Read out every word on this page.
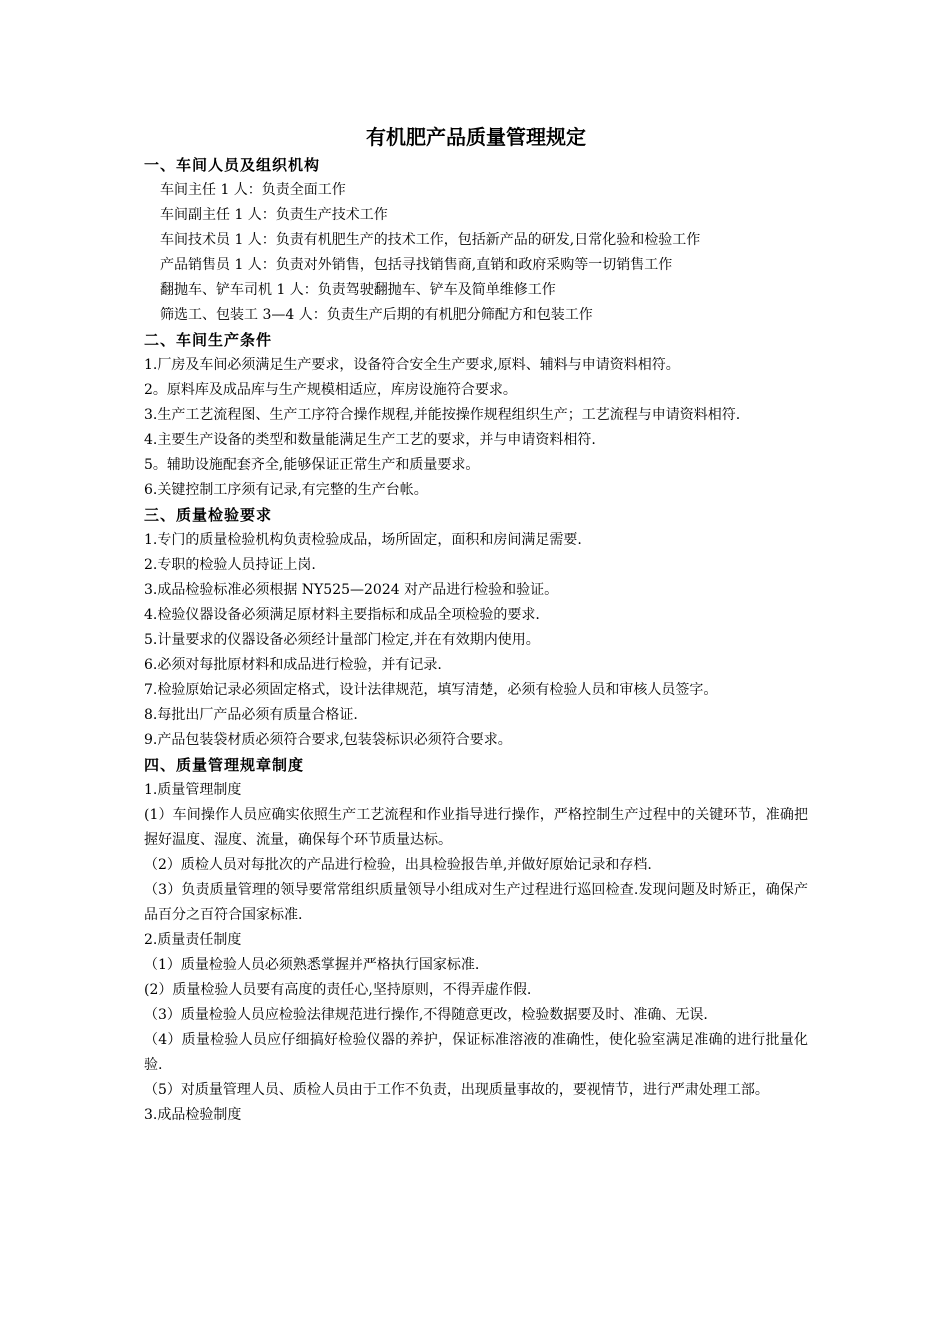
有机肥产品质量管理规定

一、车间人员及组织机构

车间主任 1 人：负责全面工作

车间副主任 1 人：负责生产技术工作

车间技术员 1 人：负责有机肥生产的技术工作，包括新产品的研发,日常化验和检验工作

产品销售员 1 人：负责对外销售，包括寻找销售商,直销和政府采购等一切销售工作

翻抛车、铲车司机 1 人：负责驾驶翻抛车、铲车及简单维修工作

筛选工、包装工 3—4 人：负责生产后期的有机肥分筛配方和包装工作

二、车间生产条件

1.厂房及车间必须满足生产要求，设备符合安全生产要求,原料、辅料与申请资料相符。

2。原料库及成品库与生产规模相适应，库房设施符合要求。

3.生产工艺流程图、生产工序符合操作规程,并能按操作规程组织生产；工艺流程与申请资料相符.

4.主要生产设备的类型和数量能满足生产工艺的要求，并与申请资料相符.

5。辅助设施配套齐全,能够保证正常生产和质量要求。

6.关键控制工序须有记录,有完整的生产台帐。

三、质量检验要求

1.专门的质量检验机构负责检验成品，场所固定，面积和房间满足需要.

2.专职的检验人员持证上岗.

3.成品检验标准必须根据 NY525—2024 对产品进行检验和验证。

4.检验仪器设备必须满足原材料主要指标和成品全项检验的要求.

5.计量要求的仪器设备必须经计量部门检定,并在有效期内使用。

6.必须对每批原材料和成品进行检验，并有记录.

7.检验原始记录必须固定格式，设计法律规范，填写清楚，必须有检验人员和审核人员签字。

8.每批出厂产品必须有质量合格证.

9.产品包装袋材质必须符合要求,包装袋标识必须符合要求。

四、质量管理规章制度

1.质量管理制度

(1）车间操作人员应确实依照生产工艺流程和作业指导进行操作，严格控制生产过程中的关键环节，准确把握好温度、湿度、流量，确保每个环节质量达标。

（2）质检人员对每批次的产品进行检验，出具检验报告单,并做好原始记录和存档.

（3）负责质量管理的领导要常常组织质量领导小组成对生产过程进行巡回检查.发现问题及时矫正，确保产品百分之百符合国家标准.

2.质量责任制度

（1）质量检验人员必须熟悉掌握并严格执行国家标准.

(2）质量检验人员要有高度的责任心,坚持原则，不得弄虚作假.

（3）质量检验人员应检验法律规范进行操作,不得随意更改，检验数据要及时、准确、无误.

（4）质量检验人员应仔细搞好检验仪器的养护，保证标准溶液的准确性，使化验室满足准确的进行批量化验.

（5）对质量管理人员、质检人员由于工作不负责，出现质量事故的，要视情节，进行严肃处理工部。

3.成品检验制度
